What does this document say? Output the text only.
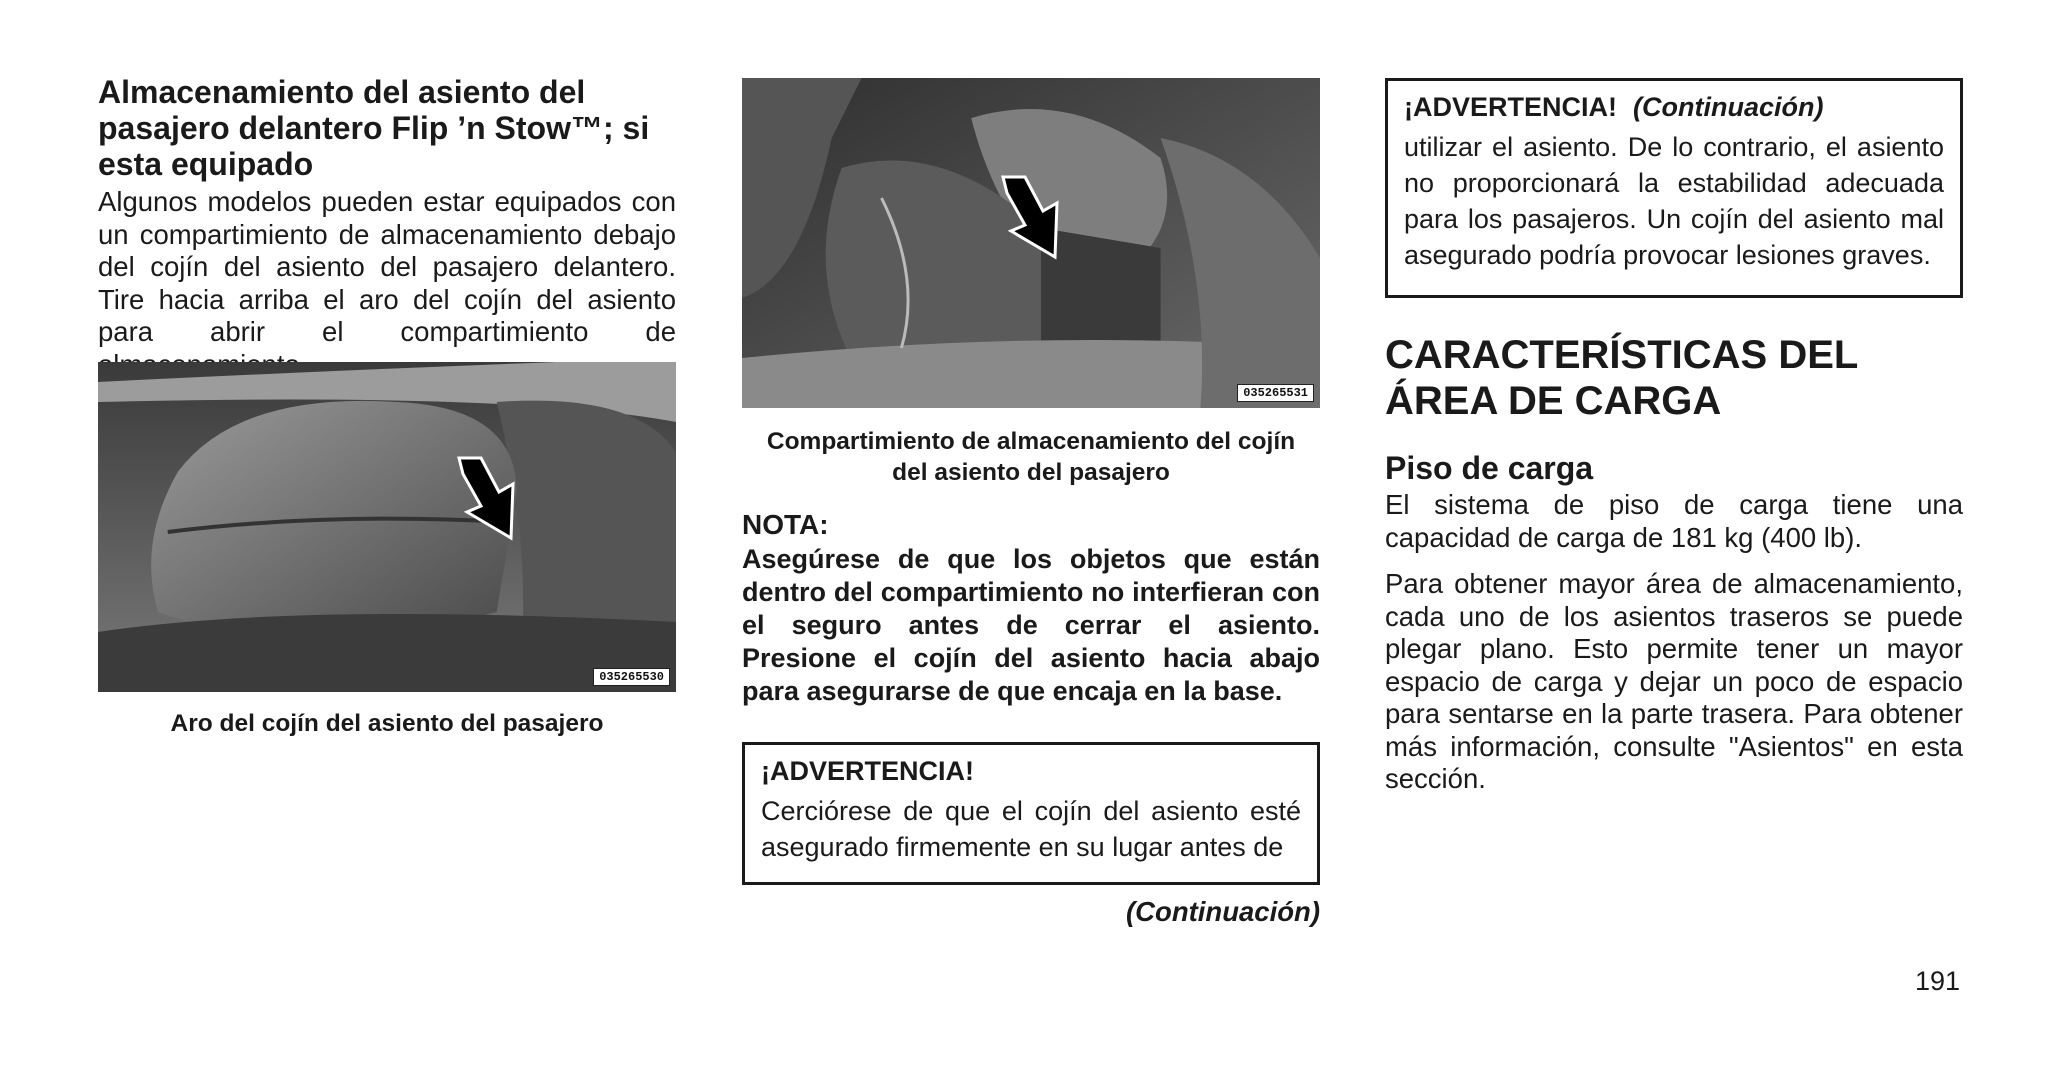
Almacenamiento del asiento del pasajero delantero Flip ’n Stow™; si esta equipado

Algunos modelos pueden estar equipados con un compartimiento de almacenamiento debajo del cojín del asiento del pasajero delantero. Tire hacia arriba el aro del cojín del asiento para abrir el compartimiento de

035265530

Aro del cojín del asiento del pasajero

035265531

Compartimiento de almacenamiento del cojín del asiento del pasajero

NOTA:

Asegúrese de que los objetos que están dentro del compartimiento no interfieran con el seguro antes de cerrar el asiento. Presione el cojín del asiento hacia abajo para asegurarse de que encaja en la base.

¡ADVERTENCIA!

Cerciórese de que el cojín del asiento esté asegurado firmemente en su lugar antes de

(Continuación)

¡ADVERTENCIA! (Continuación)

utilizar el asiento. De lo contrario, el asiento no proporcionará la estabilidad adecuada para los pasajeros. Un cojín del asiento mal asegurado podría provocar lesiones graves.

CARACTERÍSTICAS DEL ÁREA DE CARGA
Piso de carga

El sistema de piso de carga tiene una capacidad de carga de 181 kg (400 lb).

Para obtener mayor área de almacenamiento, cada uno de los asientos traseros se puede plegar plano. Esto permite tener un mayor espacio de carga y dejar un poco de espacio para sentarse en la parte trasera. Para obtener más información, consulte "Asientos" en esta sección.

191
